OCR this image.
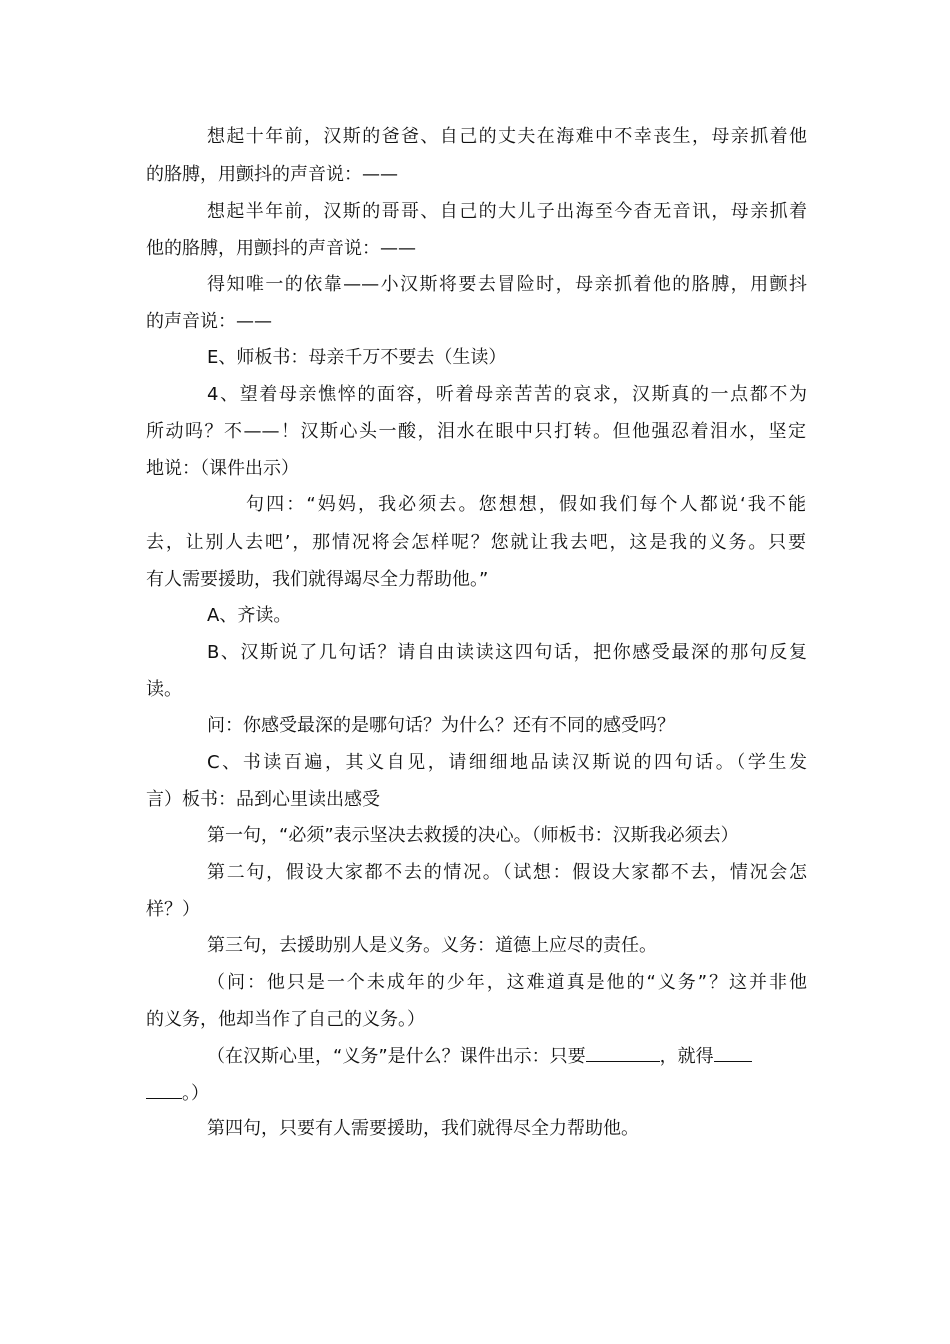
想起十年前，汉斯的爸爸、自己的丈夫在海难中不幸丧生，母亲抓着他
的胳膊，用颤抖的声音说：——
想起半年前，汉斯的哥哥、自己的大儿子出海至今杳无音讯，母亲抓着
他的胳膊，用颤抖的声音说：——
得知唯一的依靠——小汉斯将要去冒险时，母亲抓着他的胳膊，用颤抖
的声音说：——
E、师板书：母亲千万不要去（生读）
4、望着母亲憔悴的面容，听着母亲苦苦的哀求，汉斯真的一点都不为
所动吗？不——！汉斯心头一酸，泪水在眼中只打转。但他强忍着泪水，坚定
地说：（课件出示）
句四：“妈妈，我必须去。您想想，假如我们每个人都说‘我不能
去，让别人去吧’，那情况将会怎样呢？您就让我去吧，这是我的义务。只要
有人需要援助，我们就得竭尽全力帮助他。”
A、齐读。
B、汉斯说了几句话？请自由读读这四句话，把你感受最深的那句反复
读。
问：你感受最深的是哪句话？为什么？还有不同的感受吗？
C、书读百遍，其义自见，请细细地品读汉斯说的四句话。（学生发
言）板书：品到心里读出感受
第一句，“必须”表示坚决去救援的决心。（师板书：汉斯我必须去）
第二句，假设大家都不去的情况。（试想：假设大家都不去，情况会怎
样？）
第三句，去援助别人是义务。义务：道德上应尽的责任。
（问：他只是一个未成年的少年，这难道真是他的“义务”？这并非他
的义务，他却当作了自己的义务。）
（在汉斯心里，“义务”是什么？课件出示：只要	，就得
。）
第四句，只要有人需要援助，我们就得尽全力帮助他。
